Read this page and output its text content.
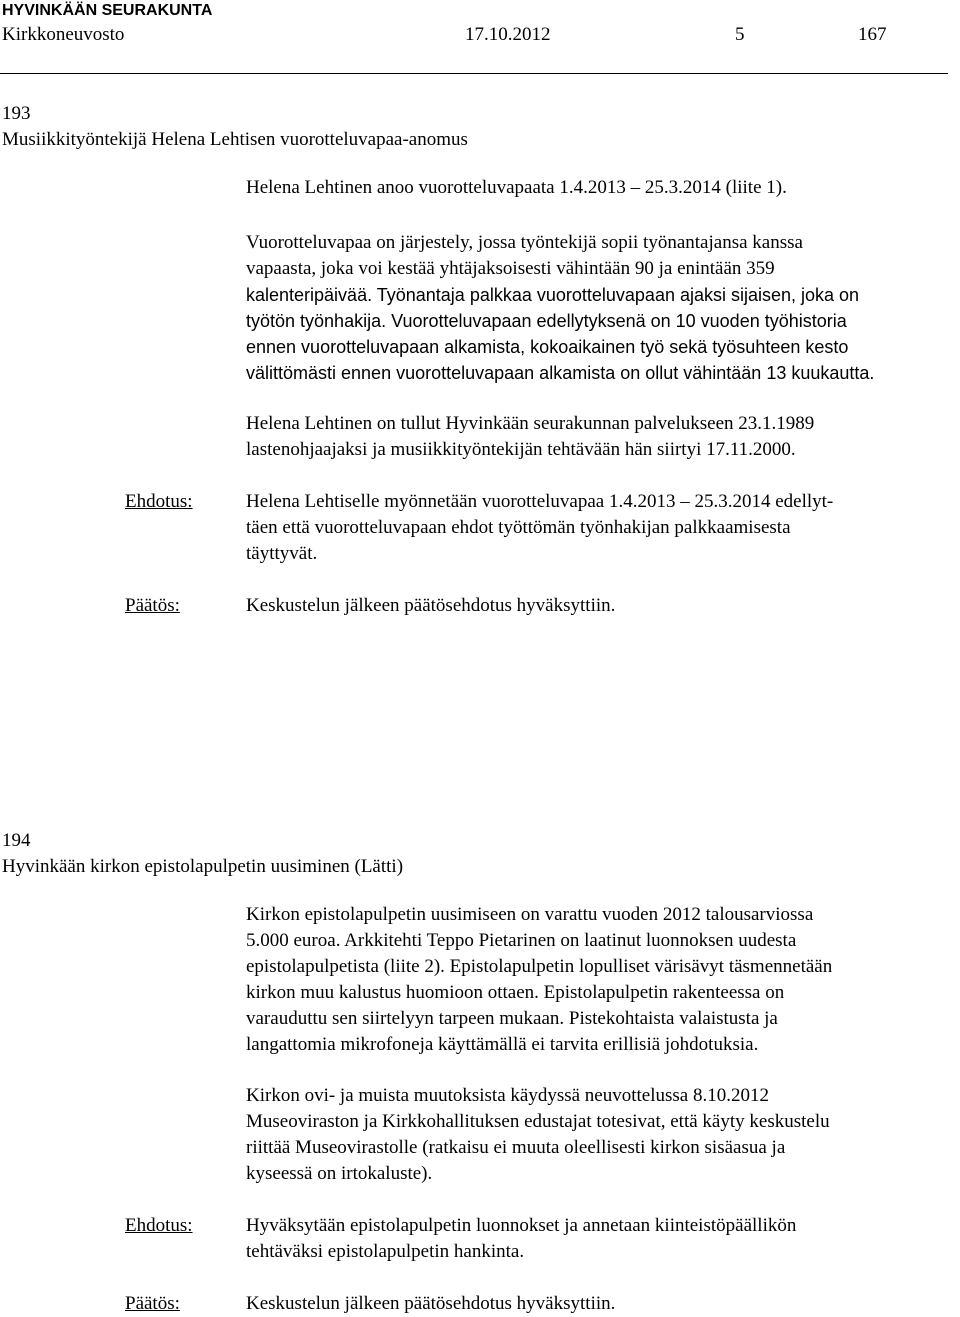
HYVINKÄÄN SEURAKUNTA
Kirkkoneuvosto	17.10.2012	5	167
193
Musiikkityöntekijä Helena Lehtisen vuorotteluvapaa-anomus

Helena Lehtinen anoo vuorotteluvapaata 1.4.2013 – 25.3.2014 (liite 1).

Vuorotteluvapaa on järjestely, jossa työntekijä sopii työnantajansa kanssa

vapaasta, joka voi kestää yhtäjaksoisesti vähintään 90 ja enintään 359

kalenteripäivää. Työnantaja palkkaa vuorotteluvapaan ajaksi sijaisen, joka on

työtön työnhakija. Vuorotteluvapaan edellytyksenä on 10 vuoden työhistoria

ennen vuorotteluvapaan alkamista, kokoaikainen työ sekä työsuhteen kesto

välittömästi ennen vuorotteluvapaan alkamista on ollut vähintään 13 kuukautta.

Helena Lehtinen on tullut Hyvinkään seurakunnan palvelukseen 23.1.1989

lastenohjaajaksi ja musiikkityöntekijän tehtävään hän siirtyi 17.11.2000.

Ehdotus:	Helena Lehtiselle myönnetään vuorotteluvapaa 1.4.2013 – 25.3.2014 edellyt-

täen että vuorotteluvapaan ehdot työttömän työnhakijan palkkaamisesta

täyttyvät.

Päätös:	Keskustelun jälkeen päätösehdotus hyväksyttiin.

194
Hyvinkään kirkon epistolapulpetin uusiminen (Lätti)

Kirkon epistolapulpetin uusimiseen on varattu vuoden 2012 talousarviossa

5.000 euroa. Arkkitehti Teppo Pietarinen on laatinut luonnoksen uudesta

epistolapulpetista (liite 2). Epistolapulpetin lopulliset värisävyt täsmennetään

kirkon muu kalustus huomioon ottaen. Epistolapulpetin rakenteessa on

varauduttu sen siirtelyyn tarpeen mukaan. Pistekohtaista valaistusta ja

langattomia mikrofoneja käyttämällä ei tarvita erillisiä johdotuksia.

Kirkon ovi- ja muista muutoksista käydyssä neuvottelussa 8.10.2012

Museoviraston ja Kirkkohallituksen edustajat totesivat, että käyty keskustelu

riittää Museovirastolle (ratkaisu ei muuta oleellisesti kirkon sisäasua ja

kyseessä on irtokaluste).

Ehdotus:	Hyväksytään epistolapulpetin luonnokset ja annetaan kiinteistöpäällikön

tehtäväksi epistolapulpetin hankinta.

Päätös:	Keskustelun jälkeen päätösehdotus hyväksyttiin.
